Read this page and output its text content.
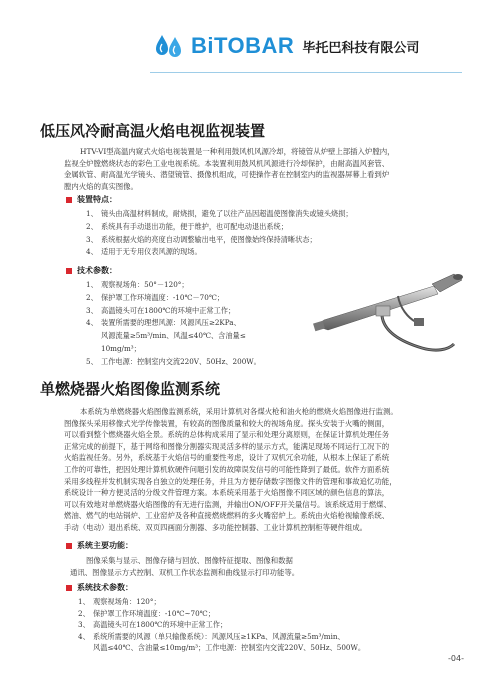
BiTOBAR 毕托巴科技有限公司
低压风冷耐高温火焰电视监视装置
HTV-VI型高温内窥式火焰电视装置是一种利用鼓风机风源冷却，将镜管从炉壁上部插入炉膛内，
监视全炉膛燃烧状态的彩色工业电视系统。本装置利用鼓风机风源进行冷却保护，由耐高温风套管、
金属软管、耐高温光学镜头、潜望镜管、摄像机组成，可使操作者在控制室内的监视器屏幕上看到炉
膛内火焰的真实图像。
装置特点：
1、 镜头由高温材料制成，耐烧损，避免了以往产品因超温使图像消失或镜头烧损；
2、 系统具有手动退出功能，便于维护，也可配电动退出系统；
3、 系统根据火焰的亮度自动调整输出电平，使图像始终保持清晰状态；
4、 适用于无专用仪表风源的现场。
技术参数：
1、 观察视场角：50°－120°；
2、 保护罩工作环境温度：-10℃－70℃；
3、 高温镜头可在1800℃的环境中正常工作；
4、 装置所需要的理想风源：风源风压≥2KPa、
风源流量≥5m³/min、风温≤40℃、含油量≤
10mg/m³；
5、 工作电源：控制室内交流220V、50Hz、200W。
单燃烧器火焰图像监测系统
本系统为单燃烧器火焰图像监测系统，采用计算机对各煤火枪和油火枪的燃烧火焰图像进行监测。
图像探头采用移像式光学传像装置，有较高的图像质量和较大的视场角度。探头安装于火嘴的侧面，
可以看到整个燃烧器火焰全景。系统的总体构成采用了显示和处理分离原则，在保证计算机处理任务
正常完成的前提下，基于网络和图像分割器实现灵活多样的显示方式，能满足现场不同运行工况下的
火焰监视任务。另外，系统基于火焰信号的重要性考虑，设计了双机冗余功能，从根本上保证了系统
工作的可靠性，把因处理计算机软硬件问题引发的故障误发信号的可能性降到了最低。软件方面系统
采用多线程并发机制实现各自独立的处理任务，并且为方便存储数字图像文件的管理和事故追忆功能，
系统设计一种方便灵活的分级文件管理方案。本系统采用基于火焰图像不同区域的颜色信息的算法，
可以有效地对单燃烧器火焰图像的有无进行监测，并输出ON/OFF开关量信号。该系统适用于燃煤、
燃油、燃气的电站锅炉、工业窑炉及各种直接燃烧燃料的多火嘴窑炉上。系统由火焰枪视输像系统、
手动（电动）退出系统、双页四画面分割器、多功能控制器、工业计算机控制柜等硬件组成。
系统主要功能：
图像采集与显示、图像存储与回放、图像特征提取、图像和数据
通讯、图像显示方式控制、双机工作状态监测和曲线显示打印功能等。
系统技术参数：
1、 观察视场角：120°；
2、 保护罩工作环境温度：-10℃~70℃；
3、 高温镜头可在1800℃的环境中正常工作；
4、 系统所需要的风源（单只输像系统）：风源风压≥1KPa、风源流量≥5m³/min、
风温≤40℃、含油量≤10mg/m³；工作电源：控制室内交流220V、50Hz、500W。
-04-
